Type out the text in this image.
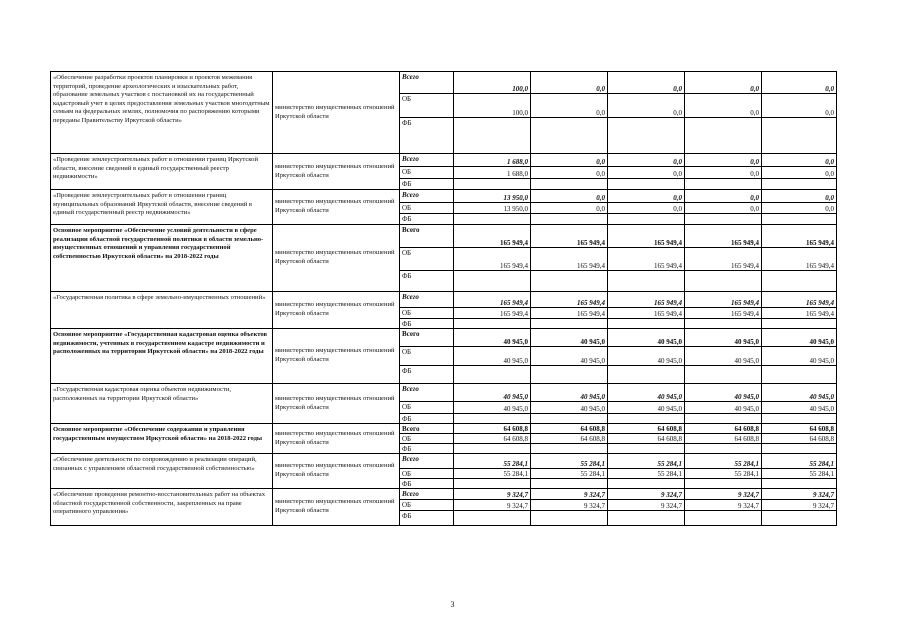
«Обеспечение разработки проектов планировки и проектов межевания территорий, проведение археологических и изыскательных работ, образование земельных участков с постановкой их на государственный кадастровый учет в целях предоставления земельных участков многодетным семьям на федеральных землях, полномочия по распоряжению которыми переданы Правительству Иркутской области»	министерство имущественных отношений Иркутской области	Всего	100,0	0,0	0,0	0,0	0,0
		ОБ	100,0	0,0	0,0	0,0	0,0
		ФБ					
«Проведение землеустроительных работ в отношении границ Иркутской области, внесение сведений в единый государственный реестр недвижимости»	министерство имущественных отношений Иркутской области	Всего	1 688,0	0,0	0,0	0,0	0,0
		ОБ	1 688,0	0,0	0,0	0,0	0,0
		ФБ					
«Проведение землеустроительных работ в отношении границ муниципальных образований Иркутской области, внесение сведений в единый государственный реестр недвижимости»	министерство имущественных отношений Иркутской области	Всего	13 950,0	0,0	0,0	0,0	0,0
		ОБ	13 950,0	0,0	0,0	0,0	0,0
		ФБ					
Основное мероприятие «Обеспечение условий деятельности в сфере реализации областной государственной политики в области земельно-имущественных отношений и управления государственной собственностью Иркутской области» на 2018-2022 годы	министерство имущественных отношений Иркутской области	Всего	165 949,4	165 949,4	165 949,4	165 949,4	165 949,4
		ОБ	165 949,4	165 949,4	165 949,4	165 949,4	165 949,4
		ФБ					
«Государственная политика в сфере земельно-имущественных отношений»	министерство имущественных отношений Иркутской области	Всего	165 949,4	165 949,4	165 949,4	165 949,4	165 949,4
		ОБ	165 949,4	165 949,4	165 949,4	165 949,4	165 949,4
		ФБ					
Основное мероприятие «Государственная кадастровая оценка объектов недвижимости, учтенных в государственном кадастре недвижимости и расположенных на территории Иркутской области» на 2018-2022 годы	министерство имущественных отношений Иркутской области	Всего	40 945,0	40 945,0	40 945,0	40 945,0	40 945,0
		ОБ	40 945,0	40 945,0	40 945,0	40 945,0	40 945,0
		ФБ					
«Государственная кадастровая оценка объектов недвижимости, расположенных на территории Иркутской области»	министерство имущественных отношений Иркутской области	Всего	40 945,0	40 945,0	40 945,0	40 945,0	40 945,0
		ОБ	40 945,0	40 945,0	40 945,0	40 945,0	40 945,0
		ФБ					
Основное мероприятие «Обеспечение содержания и управления государственным имуществом Иркутской области» на 2018-2022 годы	министерство имущественных отношений Иркутской области	Всего	64 608,8	64 608,8	64 608,8	64 608,8	64 608,8
		ОБ	64 608,8	64 608,8	64 608,8	64 608,8	64 608,8
		ФБ					
«Обеспечение деятельности по сопровождению и реализации операций, связанных с управлением областной государственной собственностью»	министерство имущественных отношений Иркутской области	Всего	55 284,1	55 284,1	55 284,1	55 284,1	55 284,1
		ОБ	55 284,1	55 284,1	55 284,1	55 284,1	55 284,1
		ФБ					
«Обеспечение проведения ремонтно-восстановительных работ на объектах областной государственной собственности, закрепленных на праве оперативного управления»	министерство имущественных отношений Иркутской области	Всего	9 324,7	9 324,7	9 324,7	9 324,7	9 324,7
		ОБ	9 324,7	9 324,7	9 324,7	9 324,7	9 324,7
		ФБ					
3
